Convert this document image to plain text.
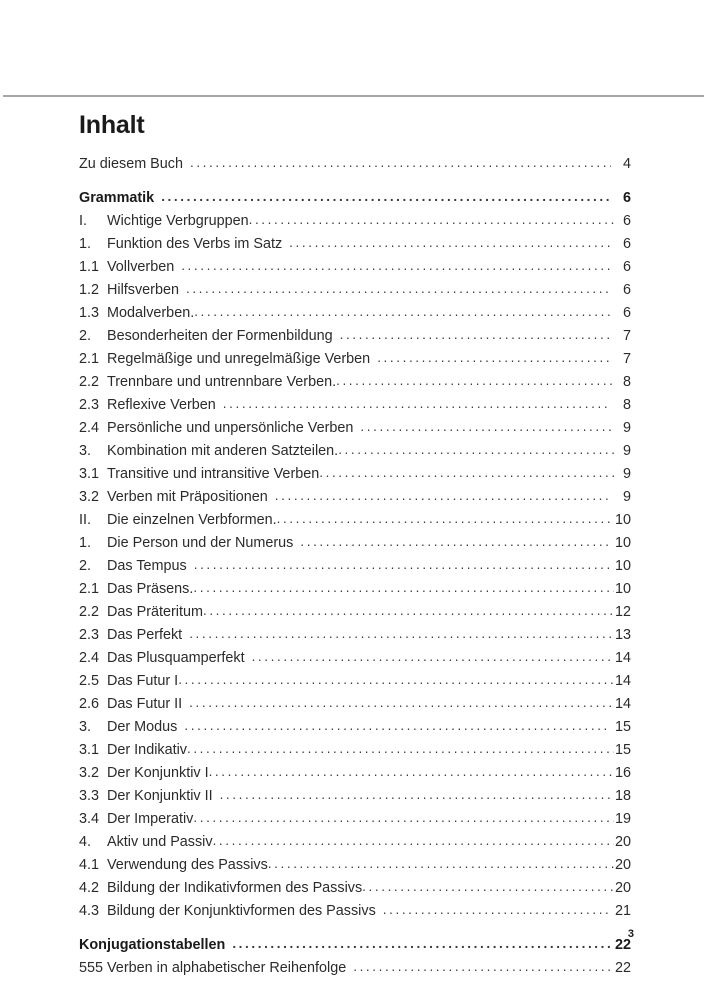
Inhalt
Zu diesem Buch .....	4
Grammatik .....	6
I.	Wichtige Verbgruppen .....	6
1.	Funktion des Verbs im Satz .....	6
1.1 Vollverben .....	6
1.2 Hilfsverben .....	6
1.3 Modalverben. .....	6
2.	Besonderheiten der Formenbildung .....	7
2.1 Regelmäßige und unregelmäßige Verben .....	7
2.2 Trennbare und untrennbare Verben. .....	8
2.3 Reflexive Verben .....	8
2.4 Persönliche und unpersönliche Verben .....	9
3.	Kombination mit anderen Satzteilen. .....	9
3.1 Transitive und intransitive Verben .....	9
3.2 Verben mit Präpositionen .....	9
II.	Die einzelnen Verbformen. .....	10
1.	Die Person und der Numerus .....	10
2.	Das Tempus .....	10
2.1 Das Präsens. .....	10
2.2 Das Präteritum .....	12
2.3 Das Perfekt .....	13
2.4 Das Plusquamperfekt .....	14
2.5 Das Futur I .....	14
2.6 Das Futur II .....	14
3.	Der Modus .....	15
3.1 Der Indikativ .....	15
3.2 Der Konjunktiv I .....	16
3.3 Der Konjunktiv II .....	18
3.4 Der Imperativ .....	19
4.	Aktiv und Passiv .....	20
4.1 Verwendung des Passivs .....	20
4.2 Bildung der Indikativformen des Passivs .....	20
4.3 Bildung der Konjunktivformen des Passivs .....	21
Konjugationstabellen .....	22
555 Verben in alphabetischer Reihenfolge .....	22
3
